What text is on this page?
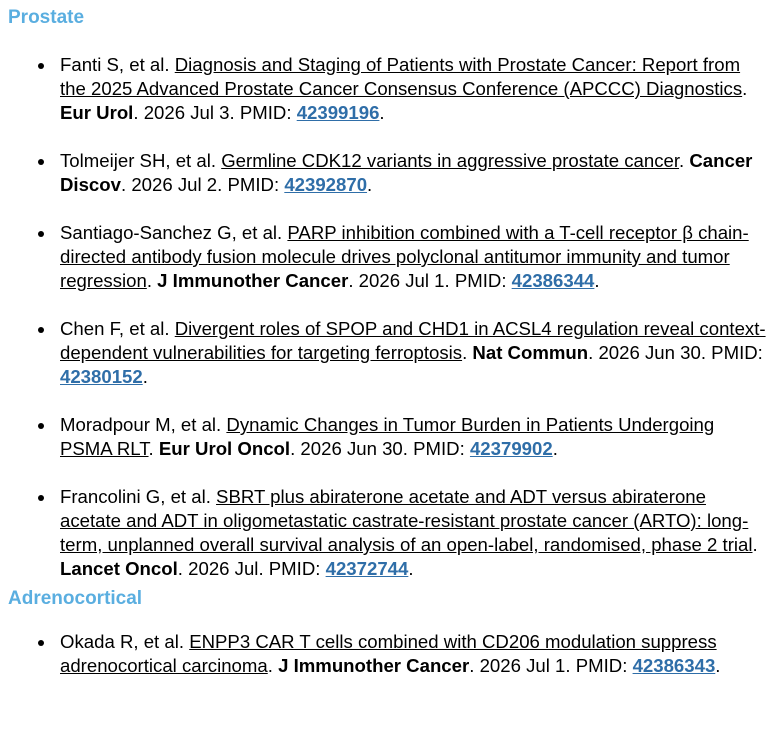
Prostate
Fanti S, et al. Diagnosis and Staging of Patients with Prostate Cancer: Report from the 2025 Advanced Prostate Cancer Consensus Conference (APCCC) Diagnostics. Eur Urol. 2026 Jul 3. PMID: 42399196.
Tolmeijer SH, et al. Germline CDK12 variants in aggressive prostate cancer. Cancer Discov. 2026 Jul 2. PMID: 42392870.
Santiago-Sanchez G, et al. PARP inhibition combined with a T-cell receptor β chain-directed antibody fusion molecule drives polyclonal antitumor immunity and tumor regression. J Immunother Cancer. 2026 Jul 1. PMID: 42386344.
Chen F, et al. Divergent roles of SPOP and CHD1 in ACSL4 regulation reveal context-dependent vulnerabilities for targeting ferroptosis. Nat Commun. 2026 Jun 30. PMID: 42380152.
Moradpour M, et al. Dynamic Changes in Tumor Burden in Patients Undergoing PSMA RLT. Eur Urol Oncol. 2026 Jun 30. PMID: 42379902.
Francolini G, et al. SBRT plus abiraterone acetate and ADT versus abiraterone acetate and ADT in oligometastatic castrate-resistant prostate cancer (ARTO): long-term, unplanned overall survival analysis of an open-label, randomised, phase 2 trial. Lancet Oncol. 2026 Jul. PMID: 42372744.
Adrenocortical
Okada R, et al. ENPP3 CAR T cells combined with CD206 modulation suppress adrenocortical carcinoma. J Immunother Cancer. 2026 Jul 1. PMID: 42386343.
